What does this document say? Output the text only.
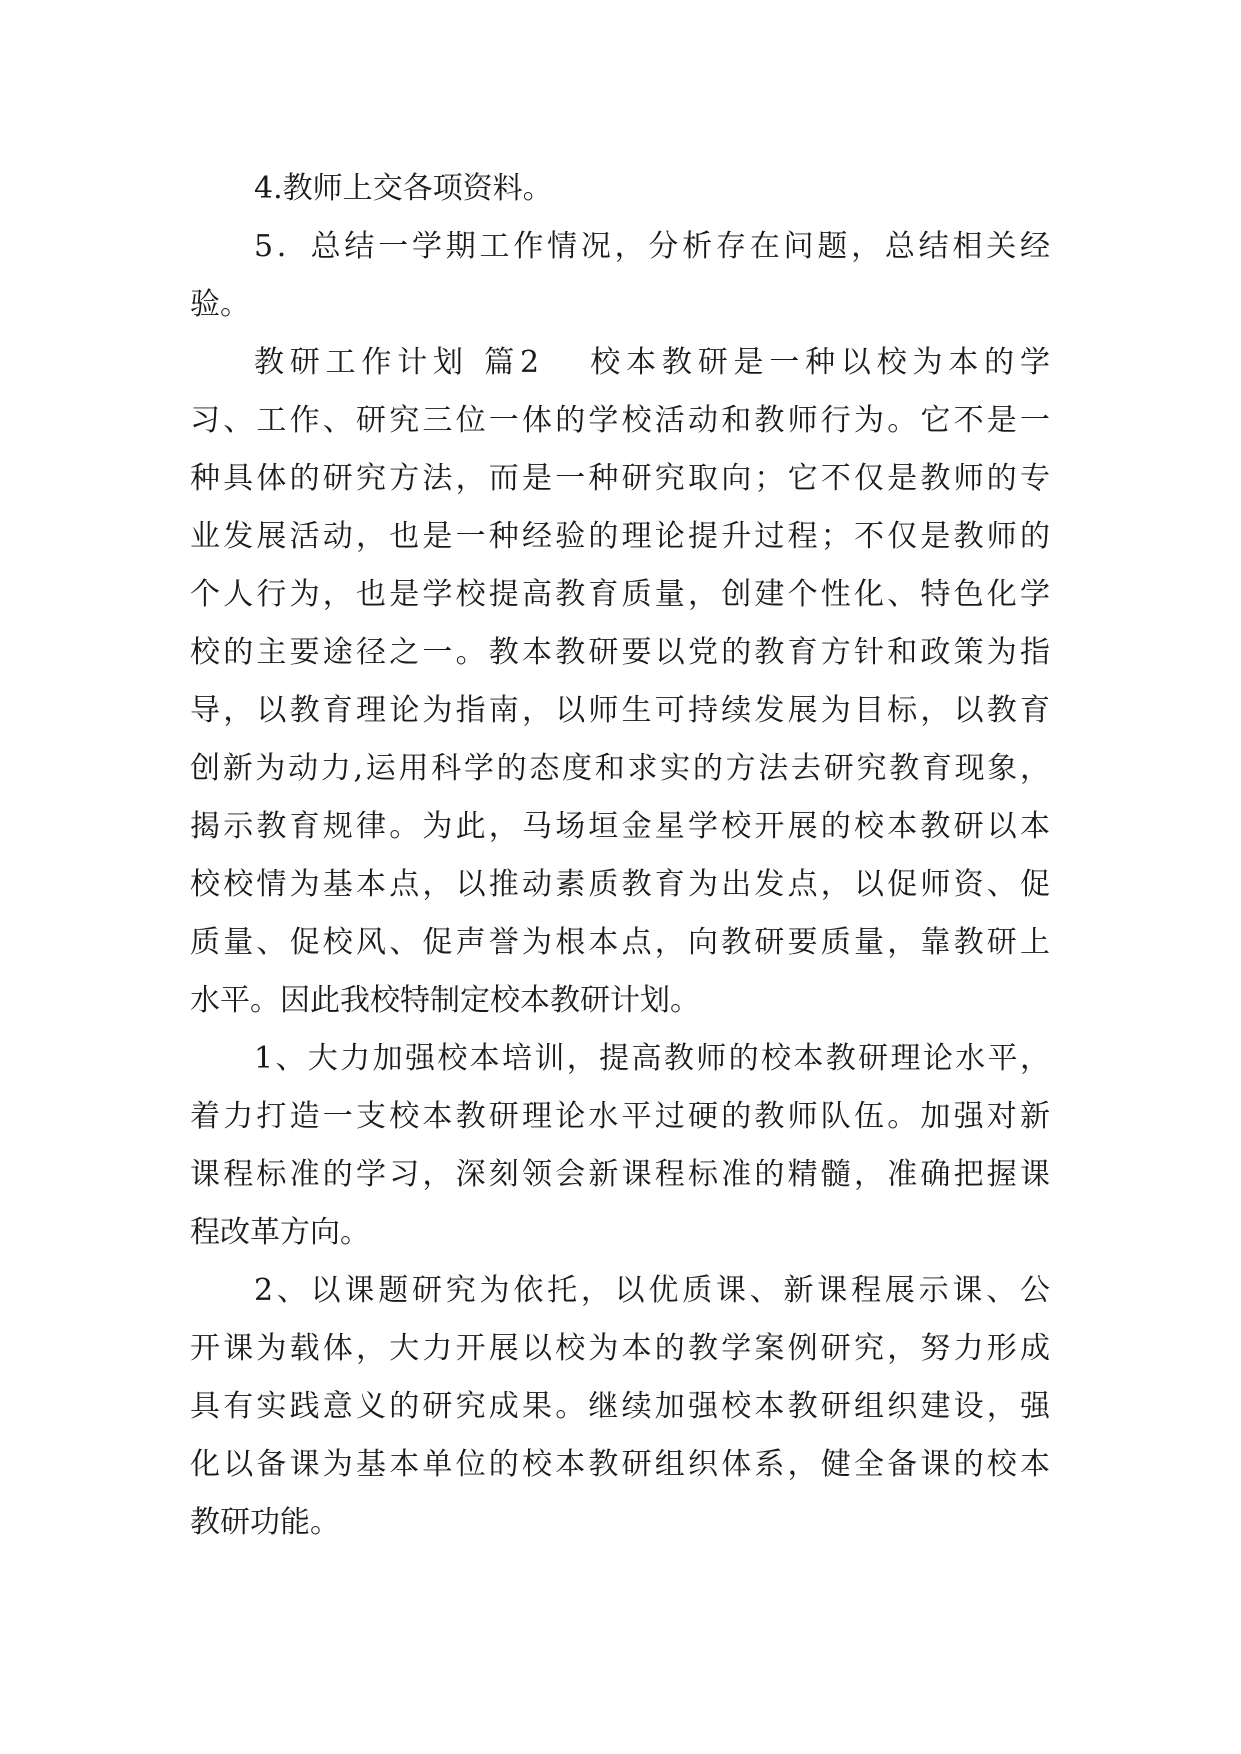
4.教师上交各项资料。
5．总结一学期工作情况，分析存在问题，总结相关经
验。
教研工作计划 篇2 　校本教研是一种以校为本的学
习、工作、研究三位一体的学校活动和教师行为。它不是一
种具体的研究方法，而是一种研究取向；它不仅是教师的专
业发展活动，也是一种经验的理论提升过程；不仅是教师的
个人行为，也是学校提高教育质量，创建个性化、特色化学
校的主要途径之一。教本教研要以党的教育方针和政策为指
导，以教育理论为指南，以师生可持续发展为目标，以教育
创新为动力,运用科学的态度和求实的方法去研究教育现象，
揭示教育规律。为此，马场垣金星学校开展的校本教研以本
校校情为基本点，以推动素质教育为出发点，以促师资、促
质量、促校风、促声誉为根本点，向教研要质量，靠教研上
水平。因此我校特制定校本教研计划。
1、大力加强校本培训，提高教师的校本教研理论水平，
着力打造一支校本教研理论水平过硬的教师队伍。加强对新
课程标准的学习，深刻领会新课程标准的精髓，准确把握课
程改革方向。
2、以课题研究为依托，以优质课、新课程展示课、公
开课为载体，大力开展以校为本的教学案例研究，努力形成
具有实践意义的研究成果。继续加强校本教研组织建设，强
化以备课为基本单位的校本教研组织体系，健全备课的校本
教研功能。
